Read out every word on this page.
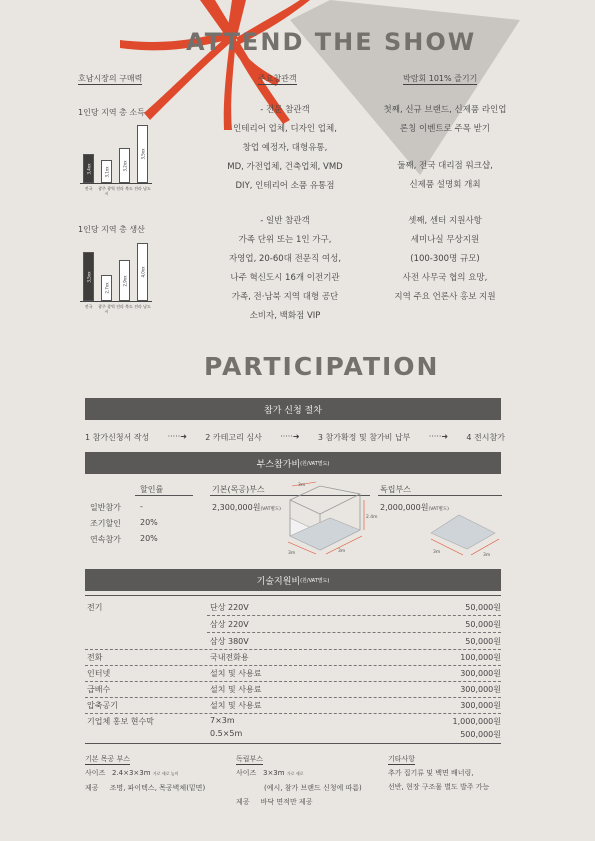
ATTEND THE SHOW
호남시장의 구매력	주요참관객	박람회 101% 즐기기
1인당 지역 총 소득
3,4xx	3,1xx
3,2xx
3,5xx
전국	광주 광역시
전라 북도 전라 남도
1인당 지역 총 생산
3,5xx
2,7xx
2,9xx
4,0xx
전국	광주 광역시
전라 북도 전라 남도
- 전문 참관객
인테리어 업체, 디자인 업체,
창업 예정자, 대형유통,
MD, 가전업체, 건축업체, VMD
DIY, 인테리어 소품 유통점
- 일반 참관객
가족 단위 또는 1인 가구,
자영업, 20-60대 전문직 여성,
나주 혁신도시 16개 이전기관
가족, 전·남북 지역 대형 공단
소비자, 백화점 VIP
첫째, 신규 브랜드, 신제품 라인업
론칭 이벤트로 주목 받기
둘째, 전국 대리점 워크샵,
신제품 설명회 개최
셋째, 센터 지원사항
세미나실 무상지원
(100-300명 규모)
사전 사무국 협의 요망,
지역 주요 언론사 홍보 지원
PARTICIPATION
참가 신청 절차
1 참가신청서 작성 ·····➜ 2 카테고리 심사 ·····➜ 3 참가확정 및 참가비 납부 ·····➜ 4 전시참가
부스참가비 (원/VAT별도)
할인률
일반참가 -
조기할인 20%
연속참가 20%
기본(목공)부스
2,300,000원(VAT별도)
3m
2.4m
3m	3m
독립부스
2,000,000원(VAT별도)
3m
3m
기술지원비 (원/VAT별도)
전기	단상 220V	50,000원
삼상 220V	50,000원
삼상 380V	50,000원
전화	국내전화용	100,000원
인터넷	설치 및 사용료	300,000원
급배수	설치 및 사용료	300,000원
압축공기	설치 및 사용료	300,000원
기업체 홍보 현수막	7×3m	1,000,000원
0.5×5m	500,000원
기본 목공 부스
사이즈 2.4×3×3m 가로 세로 높이
제공 조명, 파이텍스, 목공벽체(밑면)
독립부스
사이즈 3×3m 가로 세로
(예시, 참가 브랜드 신청에 따름)
제공 바닥 면적만 제공
기타사항
추가 집기류 및 백면 배너링,
선반, 현장 구조물 별도 발주 가능
